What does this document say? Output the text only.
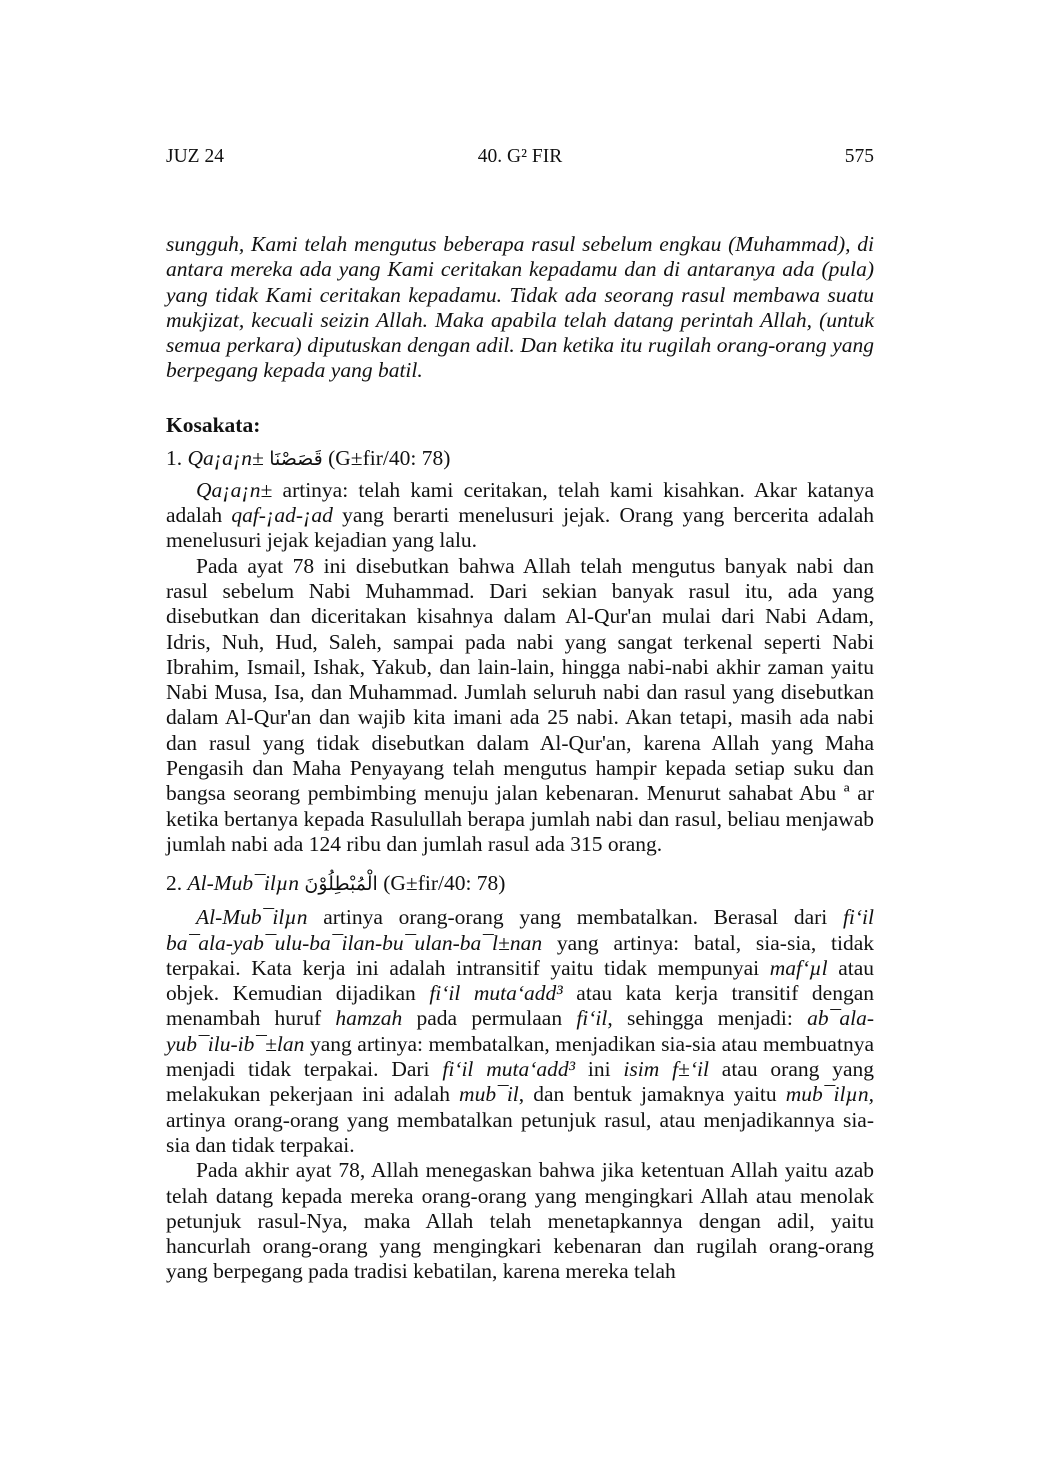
JUZ 24	40. G² FIR	575

sungguh, Kami telah mengutus beberapa rasul sebelum engkau (Muhammad), di antara mereka ada yang Kami ceritakan kepadamu dan di antaranya ada (pula) yang tidak Kami ceritakan kepadamu. Tidak ada seorang rasul membawa suatu mukjizat, kecuali seizin Allah. Maka apabila telah datang perintah Allah, (untuk semua perkara) diputuskan dengan adil. Dan ketika itu rugilah orang-orang yang berpegang kepada yang batil.

Kosakata:

1. Qa¡a¡n± قَصَصْنَا (G±fir/40: 78)

Qa¡a¡n± artinya: telah kami ceritakan, telah kami kisahkan. Akar katanya adalah qaf-¡ad-¡ad yang berarti menelusuri jejak. Orang yang bercerita adalah menelusuri jejak kejadian yang lalu.

Pada ayat 78 ini disebutkan bahwa Allah telah mengutus banyak nabi dan rasul sebelum Nabi Muhammad. Dari sekian banyak rasul itu, ada yang disebutkan dan diceritakan kisahnya dalam Al-Qur'an mulai dari Nabi Adam, Idris, Nuh, Hud, Saleh, sampai pada nabi yang sangat terkenal seperti Nabi Ibrahim, Ismail, Ishak, Yakub, dan lain-lain, hingga nabi-nabi akhir zaman yaitu Nabi Musa, Isa, dan Muhammad. Jumlah seluruh nabi dan rasul yang disebutkan dalam Al-Qur'an dan wajib kita imani ada 25 nabi. Akan tetapi, masih ada nabi dan rasul yang tidak disebutkan dalam Al-Qur'an, karena Allah yang Maha Pengasih dan Maha Penyayang telah mengutus hampir kepada setiap suku dan bangsa seorang pembimbing menuju jalan kebenaran. Menurut sahabat Abu ª ar ketika bertanya kepada Rasulullah berapa jumlah nabi dan rasul, beliau menjawab jumlah nabi ada 124 ribu dan jumlah rasul ada 315 orang.

2. Al-Mub¯ilµn الْمُبْطِلُوْنَ (G±fir/40: 78)

Al-Mub¯ilµn artinya orang-orang yang membatalkan. Berasal dari fi‘il ba¯ala-yab¯ulu-ba¯ilan-bu¯ulan-ba¯l±nan yang artinya: batal, sia-sia, tidak terpakai. Kata kerja ini adalah intransitif yaitu tidak mempunyai maf‘µl atau objek. Kemudian dijadikan fi‘il muta‘add³ atau kata kerja transitif dengan menambah huruf hamzah pada permulaan fi‘il, sehingga menjadi: ab¯ala-yub¯ilu-ib¯±lan yang artinya: membatalkan, menjadikan sia-sia atau membuatnya menjadi tidak terpakai. Dari fi‘il muta‘add³ ini isim f±‘il atau orang yang melakukan pekerjaan ini adalah mub¯il, dan bentuk jamaknya yaitu mub¯ilµn, artinya orang-orang yang membatalkan petunjuk rasul, atau menjadikannya sia-sia dan tidak terpakai.

Pada akhir ayat 78, Allah menegaskan bahwa jika ketentuan Allah yaitu azab telah datang kepada mereka orang-orang yang mengingkari Allah atau menolak petunjuk rasul-Nya, maka Allah telah menetapkannya dengan adil, yaitu hancurlah orang-orang yang mengingkari kebenaran dan rugilah orang-orang yang berpegang pada tradisi kebatilan, karena mereka telah
